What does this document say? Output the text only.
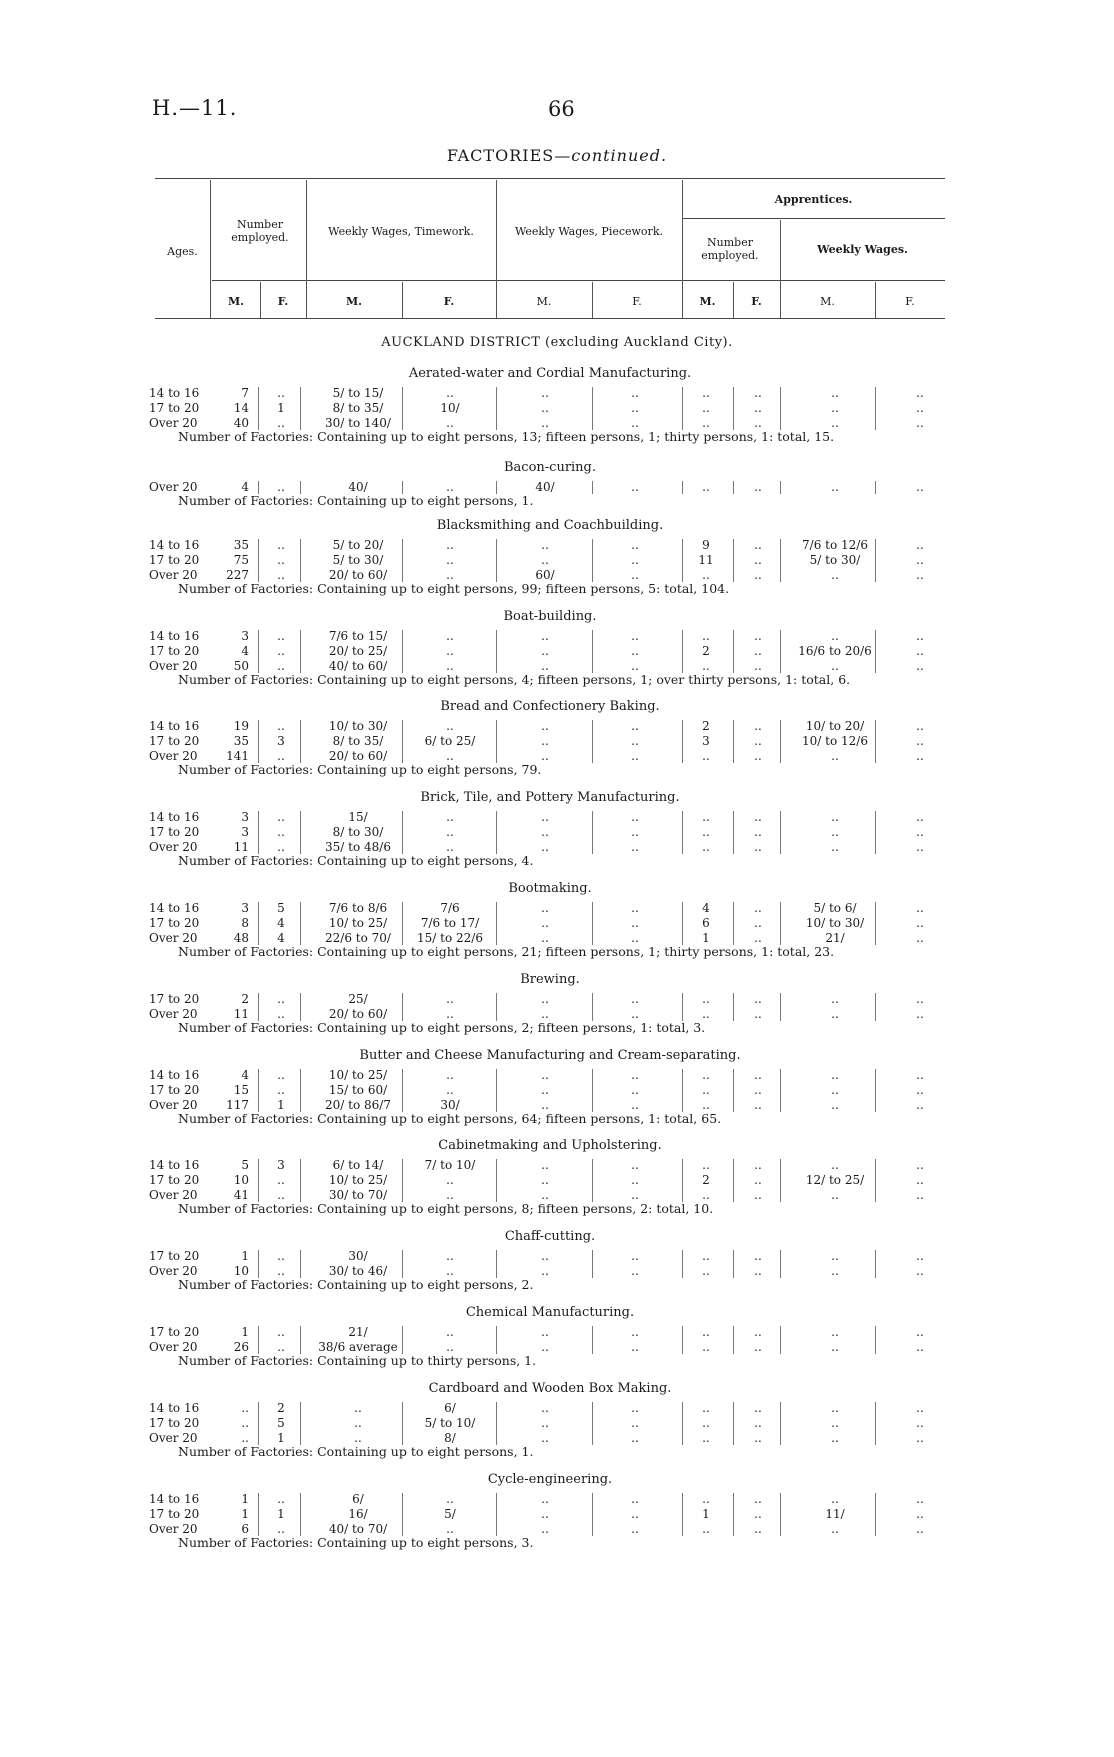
H.—11.	66
FACTORIES—continued.
Ages.
Number employed.	Weekly Wages, Timework.	Weekly Wages, Piecework.
Apprentices.
Number employed.	Weekly Wages.
M.	F.	M.	F.	M.	F.	M.	F.	M.	F.
AUCKLAND DISTRICT (excluding Auckland City).
Aerated-water and Cordial Manufacturing.
14 to 16	7	..	5/ to 15/	..	..	..	..	..	..	..
17 to 20	14	1	8/ to 35/	10/	..	..	..	..	..	..
Over 20	40	..	30/ to 140/	..	..	..	..	..	..	..
Number of Factories: Containing up to eight persons, 13; fifteen persons, 1; thirty persons, 1: total, 15.
Bacon-curing.
Over 20	4	..	40/	..	40/	..	..	..	..	..
Number of Factories: Containing up to eight persons, 1.
Blacksmithing and Coachbuilding.
14 to 16	35	..	5/ to 20/	..	..	..	9	..	7/6 to 12/6	..
17 to 20	75	..	5/ to 30/	..	..	..	11	..	5/ to 30/	..
Over 20	227	..	20/ to 60/	..	60/	..	..	..	..	..
Number of Factories: Containing up to eight persons, 99; fifteen persons, 5: total, 104.
Boat-building.
14 to 16	3	..	7/6 to 15/	..	..	..	..	..	..	..
17 to 20	4	..	20/ to 25/	..	..	..	2	..	16/6 to 20/6	..
Over 20	50	..	40/ to 60/	..	..	..	..	..	..	..
Number of Factories: Containing up to eight persons, 4; fifteen persons, 1; over thirty persons, 1: total, 6.
Bread and Confectionery Baking.
14 to 16	19	..	10/ to 30/	..	..	..	2	..	10/ to 20/	..
17 to 20	35	3	8/ to 35/	6/ to 25/	..	..	3	..	10/ to 12/6	..
Over 20	141	..	20/ to 60/	..	..	..	..	..	..	..
Number of Factories: Containing up to eight persons, 79.
Brick, Tile, and Pottery Manufacturing.
14 to 16	3	..	15/	..	..	..	..	..	..	..
17 to 20	3	..	8/ to 30/	..	..	..	..	..	..	..
Over 20	11	..	35/ to 48/6	..	..	..	..	..	..	..
Number of Factories: Containing up to eight persons, 4.
Bootmaking.
14 to 16	3	5	7/6 to 8/6	7/6	..	..	4	..	5/ to 6/	..
17 to 20	8	4	10/ to 25/	7/6 to 17/	..	..	6	..	10/ to 30/	..
Over 20	48	4	22/6 to 70/	15/ to 22/6	..	..	1	..	21/	..
Number of Factories: Containing up to eight persons, 21; fifteen persons, 1; thirty persons, 1: total, 23.
Brewing.
17 to 20	2	..	25/	..	..	..	..	..	..	..
Over 20	11	..	20/ to 60/	..	..	..	..	..	..	..
Number of Factories: Containing up to eight persons, 2; fifteen persons, 1: total, 3.
Butter and Cheese Manufacturing and Cream-separating.
14 to 16	4	..	10/ to 25/	..	..	..	..	..	..	..
17 to 20	15	..	15/ to 60/	..	..	..	..	..	..	..
Over 20	117	1	20/ to 86/7	30/	..	..	..	..	..	..
Number of Factories: Containing up to eight persons, 64; fifteen persons, 1: total, 65.
Cabinetmaking and Upholstering.
14 to 16	5	3	6/ to 14/	7/ to 10/	..	..	..	..	..	..
17 to 20	10	..	10/ to 25/	..	..	..	2	..	12/ to 25/	..
Over 20	41	..	30/ to 70/	..	..	..	..	..	..	..
Number of Factories: Containing up to eight persons, 8; fifteen persons, 2: total, 10.
Chaff-cutting.
17 to 20	1	..	30/	..	..	..	..	..	..	..
Over 20	10	..	30/ to 46/	..	..	..	..	..	..	..
Number of Factories: Containing up to eight persons, 2.
Chemical Manufacturing.
17 to 20	1	..	21/	..	..	..	..	..	..	..
Over 20	26	..	38/6 average	..	..	..	..	..	..	..
Number of Factories: Containing up to thirty persons, 1.
Cardboard and Wooden Box Making.
14 to 16	..	2	..	6/	..	..	..	..	..	..
17 to 20	..	5	..	5/ to 10/	..	..	..	..	..	..
Over 20	..	1	..	8/	..	..	..	..	..	..
Number of Factories: Containing up to eight persons, 1.
Cycle-engineering.
14 to 16	1	..	6/	..	..	..	..	..	..	..
17 to 20	1	1	16/	5/	..	..	1	..	11/	..
Over 20	6	..	40/ to 70/	..	..	..	..	..	..	..
Number of Factories: Containing up to eight persons, 3.
